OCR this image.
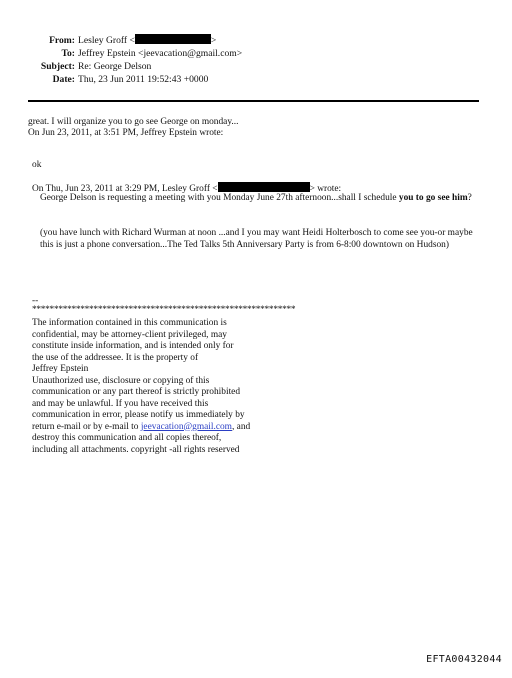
From: Lesley Groff <	>
To: Jeffrey Epstein <jeevacation@gmail.com>
Subject: Re: George Delson
Date: Thu, 23 Jun 2011 19:52:43 +0000
great. I will organize you to go see George on monday...
On Jun 23, 2011, at 3:51 PM, Jeffrey Epstein wrote:
ok
On Thu, Jun 23, 2011 at 3:29 PM, Lesley Groff <	> wrote:
George Delson is requesting a meeting with you Monday June 27th afternoon...shall I schedule you to go see him?
(you have lunch with Richard Wurman at noon ...and I you may want Heidi Holterbosch to come see you-or maybe this is just a phone conversation...The Ted Talks 5th Anniversary Party is from 6-8:00 downtown on Hudson)
--
************************************************************
The information contained in this communication is
confidential, may be attorney-client privileged, may
constitute inside information, and is intended only for
the use of the addressee. It is the property of
Jeffrey Epstein
Unauthorized use, disclosure or copying of this
communication or any part thereof is strictly prohibited
and may be unlawful. If you have received this
communication in error, please notify us immediately by
return e-mail or by e-mail to jeevacation@gmail.com, and
destroy this communication and all copies thereof,
including all attachments. copyright -all rights reserved
EFTA00432044
